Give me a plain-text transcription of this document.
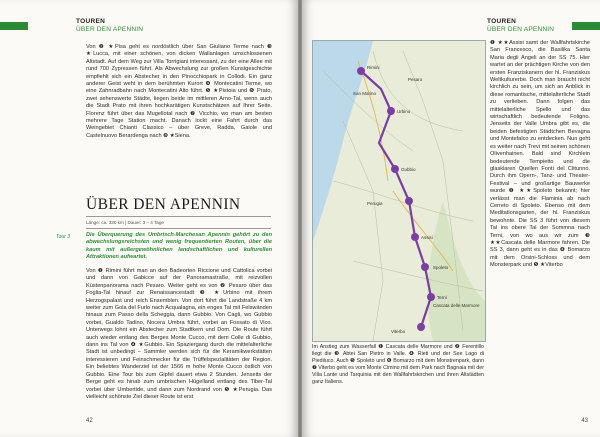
TOUREN
ÜBER DEN APENNIN

Von ❷ ★Pisa geht es nordöstlich über San Giuliano Terme nach ❸ ★Lucca, mit einer schönen, von dicken Wallanlagen umschlossenen Altstadt. Auf dem Weg zur Villa Torrigiani interessant, zu der eine Allee mit rund 700 Zypressen führt. Als Abwechslung zur großen Kunstgeschichte empfiehlt sich ein Abstecher in den Pinocchiopark in Collodi. Ein ganz anderer Geist weht in dem berühmten Kurort ❹ Montecatini Terme, wo eine Zahnradbahn nach Montecatini Alto führt. ❺ ★Pistoia und ❻ Prato, zwei sehenswerte Städte, liegen beide im mittleren Arno-Tal, wenn auch die Stadt Prato mit ihren hochkarätigen Kunstschätzen auf Ihrer Seite. Florenz führt über das Mugellotal nach ❼ Vicchio, wo man am besten mehrere Tage Station macht. Danach lockt eine Fahrt durch das Weingebiet Chianti Classico – über Greve, Radda, Gaiole und Castelnuovo Berardenga nach ❽ ★Siena.

ÜBER DEN APENNIN
Länge: ca. 330 km | Dauer: 3 – 4 Tage
Tour 3	Die Überquerung des Umbrisch-Marchesan Apennin gehört zu den abwechslungsreichsten und wenig frequentierten Routen, über die kaum mit außergewöhnlichen landschaftlichen und kulturellen Attraktionen aufwartet.

Von ❶ Rimini führt man an den Badeorten Riccione und Cattolica vorbei und dann von Gabicce auf der Panoramastraße, mit reizvollen Küstenpanorama nach Pesaro. Weiter geht es von ❷ Pesaro über das Foglia-Tal hinauf zur Renaissancestadt ❸ ★Urbino mit ihrem Herzogspalast und reich Ensemblen. Von dort führt die Landstraße 4 km weiter zum Gola del Furlo nach Acqualagna, ein enges Tal mit Felswänden hinaus zum Passo della Scheggia, dann Gubbio. Von Cagli, wo Gubbio vorbei, Gualdo Tadino, Nocera Umbra führt, vorbei an Fossato di Vico. Unterwegs lohnt ein Abstecher zum Stadtkern und Dom. Die Route führt auch wieder entlang des Berges Monte Cucco, mit dem Colle di Gubbio, dann ins Tal von ❹ ★Gubbio. Ein Spaziergang durch die mittelalterliche Stadt ist unbedingt – Sammler werden sich für die Keramikwerkstätten interessieren und Feinschmecker für die Trüffelspezialitäten der Region. Ein beliebtes Wanderziel ist der 1566 m hohe Monte Cucco östlich von Gubbio. Eine Tour bis zum Gipfel dauert etwa 2 Stunden. Jenseits der Berge geht es hinab zum umbrischen Hügelland entlang des Tiber-Tal vorbei über Umbertide, und dann zum Nordrand von ❺ ★Perugia. Das vielleicht schönste Ziel dieser Route ist erst

42
TOUREN
ÜBER DEN APENNIN
Rimini
Pesaro
San Marino
Urbino
Gubbio
Perugia
Assisi
Spoleto
Terni
Cascata delle Marmore
Viterbo

Im Anstieg zum Wasserfall ❶ Cascata delle Marmore und ❷ Ferentillo liegt die ❸ Abtei San Pietro in Valle. ❹ Rieti und der See Lago di Piediluco. Auch ❺ Spoleto und ❻ Bomarzo mit dem Monstrenpark, dann ❼ Viterbo geht es vom Monte Cimino mit dem Park nach Bagnaia mit der Villa Lante und Tarquinia mit den Wallfahrtskirchen und ihren Altstädten ganz Italiens.

❶ ★★Assisi samt der Wallfahrtskirche San Francesco, die Basilika Santa Maria degli Angeli an der SS 75. Hier wartet an der prächtigen Kirche von den ersten Franziskanern der hl. Franziskus Weltkulturerbe. Doch man braucht nicht kirchlich zu sein, um sich an Anblick in diese romantische, mittelalterliche Stadt zu verlieben. Dann folgen das mittelalterliche Spello und das wirtschaftlich bedeutende Foligno. Jenseits der Valle Umbra gibt es, die beiden befestigten Städtchen Bevagna und Montefalco zu entdecken. Nun geht es weiter nach Trevi mit seinen schönen Olivenhainen. Bald sind Kirchlein bedeutende Tempietto und die glasklaren Quellen Fonti del Clitunno. Durch ihm Opern-, Tanz- und Theater-Festival – und großartige Bauwerke wurde ❷ ★★Spoleto bekannt; hier verlässt man die Flaminia ab nach Cerreto di Spoleto. Ebenso mit dem Meditationsgarten, der hl. Franziskus bewohnte. Die SS 3 führt von diesem Tal ins obere Tal der Sommna nach Terni, von wo aus wir zum ❸ ★★Cascata delle Marmore fahren. Die SS 3, dann geht es in das ❹ Bomarzo mit dem Orsini-Schloss und dem Monsterpark und ❺ ★Viterbo

43
